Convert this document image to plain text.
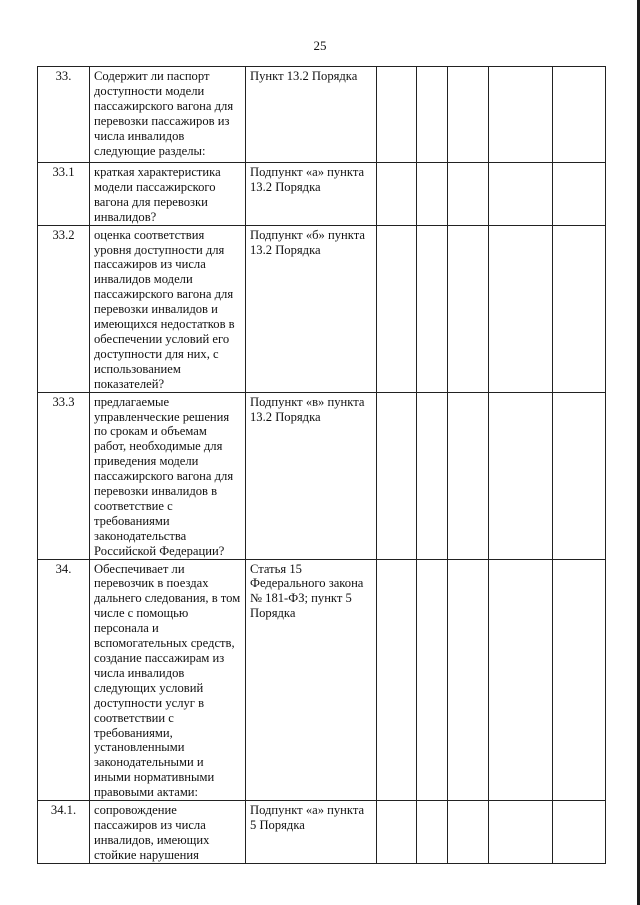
25
33.	Содержит ли паспорт доступности модели пассажирского вагона для перевозки пассажиров из числа инвалидов следующие разделы:	Пункт 13.2 Порядка					
33.1	краткая характеристика модели пассажирского вагона для перевозки инвалидов?	Подпункт «а» пункта 13.2 Порядка					
33.2	оценка соответствия уровня доступности для пассажиров из числа инвалидов модели пассажирского вагона для перевозки инвалидов и имеющихся недостатков в обеспечении условий его доступности для них, с использованием показателей?	Подпункт «б» пункта 13.2 Порядка					
33.3	предлагаемые управленческие решения по срокам и объемам работ, необходимые для приведения модели пассажирского вагона для перевозки инвалидов в соответствие с требованиями законодательства Российской Федерации?	Подпункт «в» пункта 13.2 Порядка					
34.	Обеспечивает ли перевозчик в поездах дальнего следования, в том числе с помощью персонала и вспомогательных средств, создание пассажирам из числа инвалидов следующих условий доступности услуг в соответствии с требованиями, установленными законодательными и иными нормативными правовыми актами:	Статья 15 Федерального закона № 181-ФЗ; пункт 5 Порядка					
34.1.	сопровождение пассажиров из числа инвалидов, имеющих стойкие нарушения	Подпункт «а» пункта 5 Порядка					
